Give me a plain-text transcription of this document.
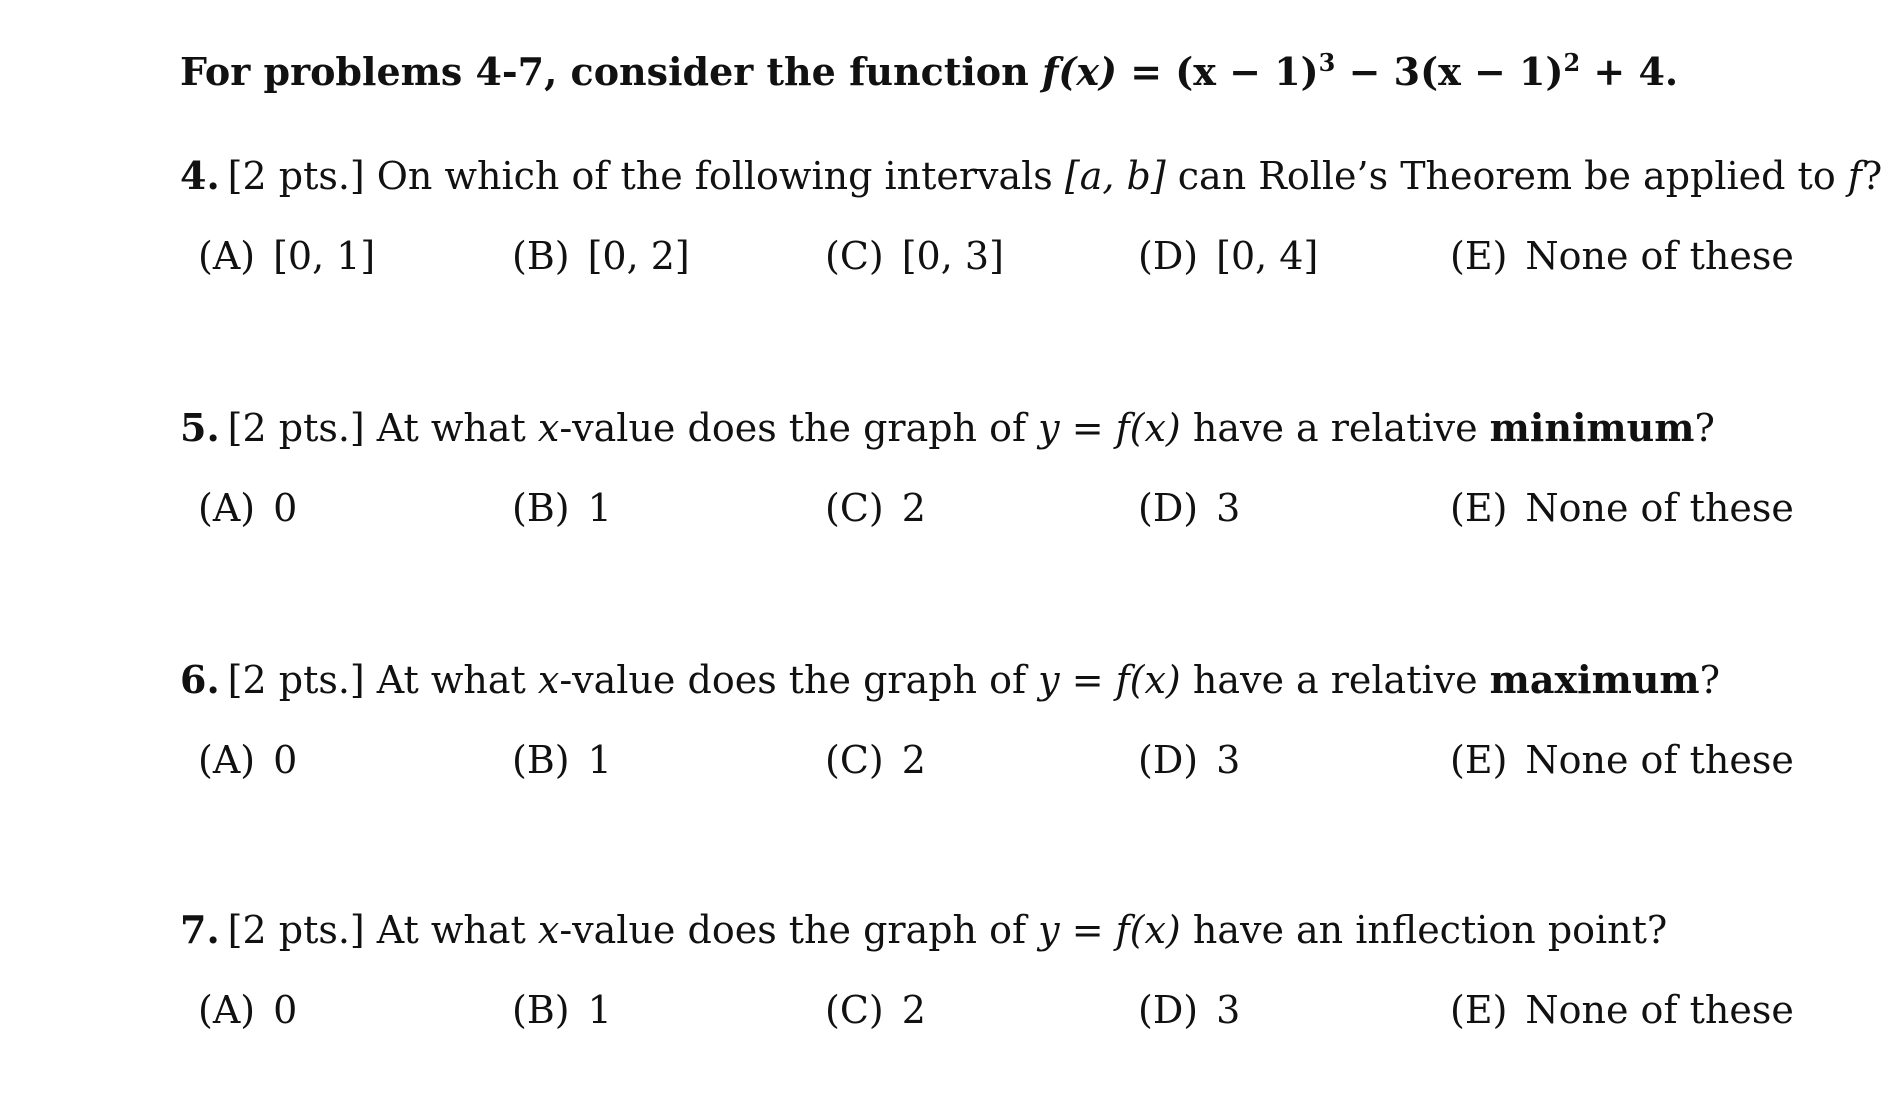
For problems 4-7, consider the function $f(x) = (x - 1)^3 - 3(x - 1)^2 + 4$.
4. [2 pts.] On which of the following intervals [a, b] can Rolle’s Theorem be applied to f?
(A) [0, 1]	(B) [0, 2]	(C) [0, 3]	(D) [0, 4]	(E) None of these
5. [2 pts.] At what x-value does the graph of y = f(x) have a relative minimum?
(A) 0	(B) 1	(C) 2	(D) 3	(E) None of these
6. [2 pts.] At what x-value does the graph of y = f(x) have a relative maximum?
(A) 0	(B) 1	(C) 2	(D) 3	(E) None of these
7. [2 pts.] At what x-value does the graph of y = f(x) have an inflection point?
(A) 0	(B) 1	(C) 2	(D) 3	(E) None of these
